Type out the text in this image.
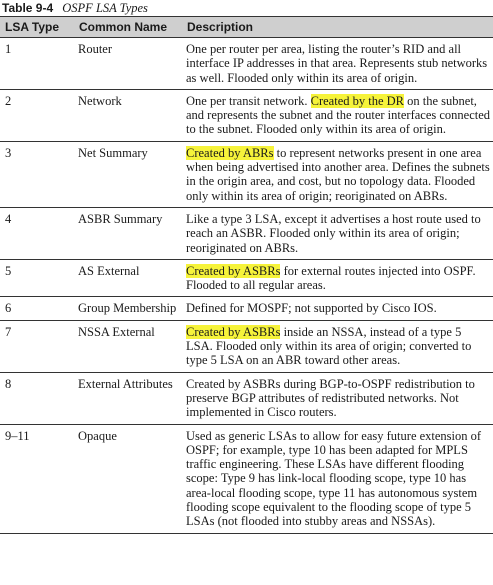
Table 9-4 OSPF LSA Types
LSA Type	Common Name	Description
1	Router	One per router per area, listing the router’s RID and all interface IP addresses in that area. Represents stub networks as well. Flooded only within its area of origin.
2	Network	One per transit network. Created by the DR on the subnet, and represents the subnet and the router interfaces connected to the subnet. Flooded only within its area of origin.
3	Net Summary	Created by ABRs to represent networks present in one area when being advertised into another area. Defines the subnets in the origin area, and cost, but no topology data. Flooded only within its area of origin; reoriginated on ABRs.
4	ASBR Summary	Like a type 3 LSA, except it advertises a host route used to reach an ASBR. Flooded only within its area of origin; reoriginated on ABRs.
5	AS External	Created by ASBRs for external routes injected into OSPF. Flooded to all regular areas.
6	Group Membership	Defined for MOSPF; not supported by Cisco IOS.
7	NSSA External	Created by ASBRs inside an NSSA, instead of a type 5 LSA. Flooded only within its area of origin; converted to type 5 LSA on an ABR toward other areas.
8	External Attributes	Created by ASBRs during BGP-to-OSPF redistribution to preserve BGP attributes of redistributed networks. Not implemented in Cisco routers.
9–11	Opaque	Used as generic LSAs to allow for easy future extension of OSPF; for example, type 10 has been adapted for MPLS traffic engineering. These LSAs have different flooding scope: Type 9 has link-local flooding scope, type 10 has area-local flooding scope, type 11 has autonomous system flooding scope equivalent to the flooding scope of type 5 LSAs (not flooded into stubby areas and NSSAs).
